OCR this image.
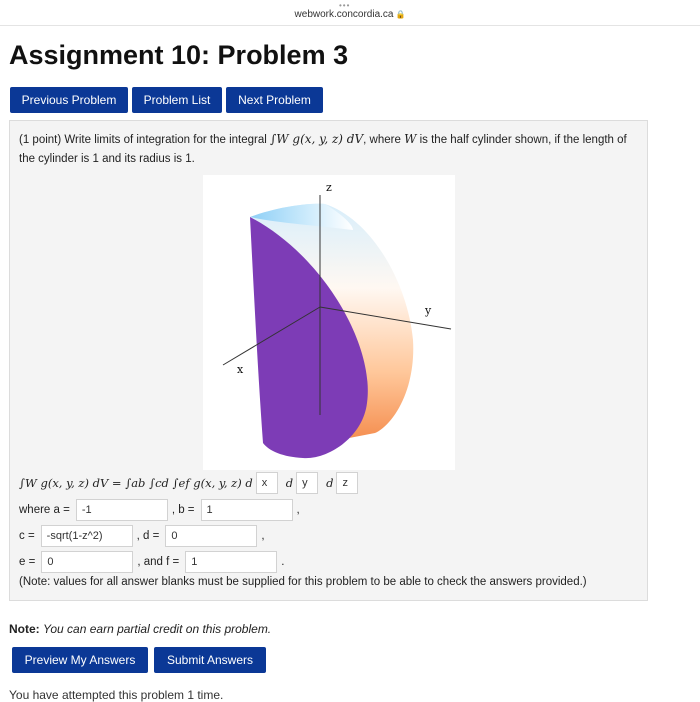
•••
webwork.concordia.ca 🔒
Assignment 10: Problem 3
Previous Problem	Problem List	Next Problem
(1 point) Write limits of integration for the integral ∫W g(x, y, z) dV, where W is the half cylinder shown, if the length of the cylinder is 1 and its radius is 1.
z
y
x
∫W g(x, y, z) dV = ∫ab ∫cd ∫ef g(x, y, z) d
x	d
y	d
z
where a =
-1	, b =
1	,
c =
-sqrt(1-z^2)	, d =
0	,
e =
0	, and f =
1	.
(Note: values for all answer blanks must be supplied for this problem to be able to check the answers provided.)
Note: You can earn partial credit on this problem.
Preview My Answers	Submit Answers
You have attempted this problem 1 time.
